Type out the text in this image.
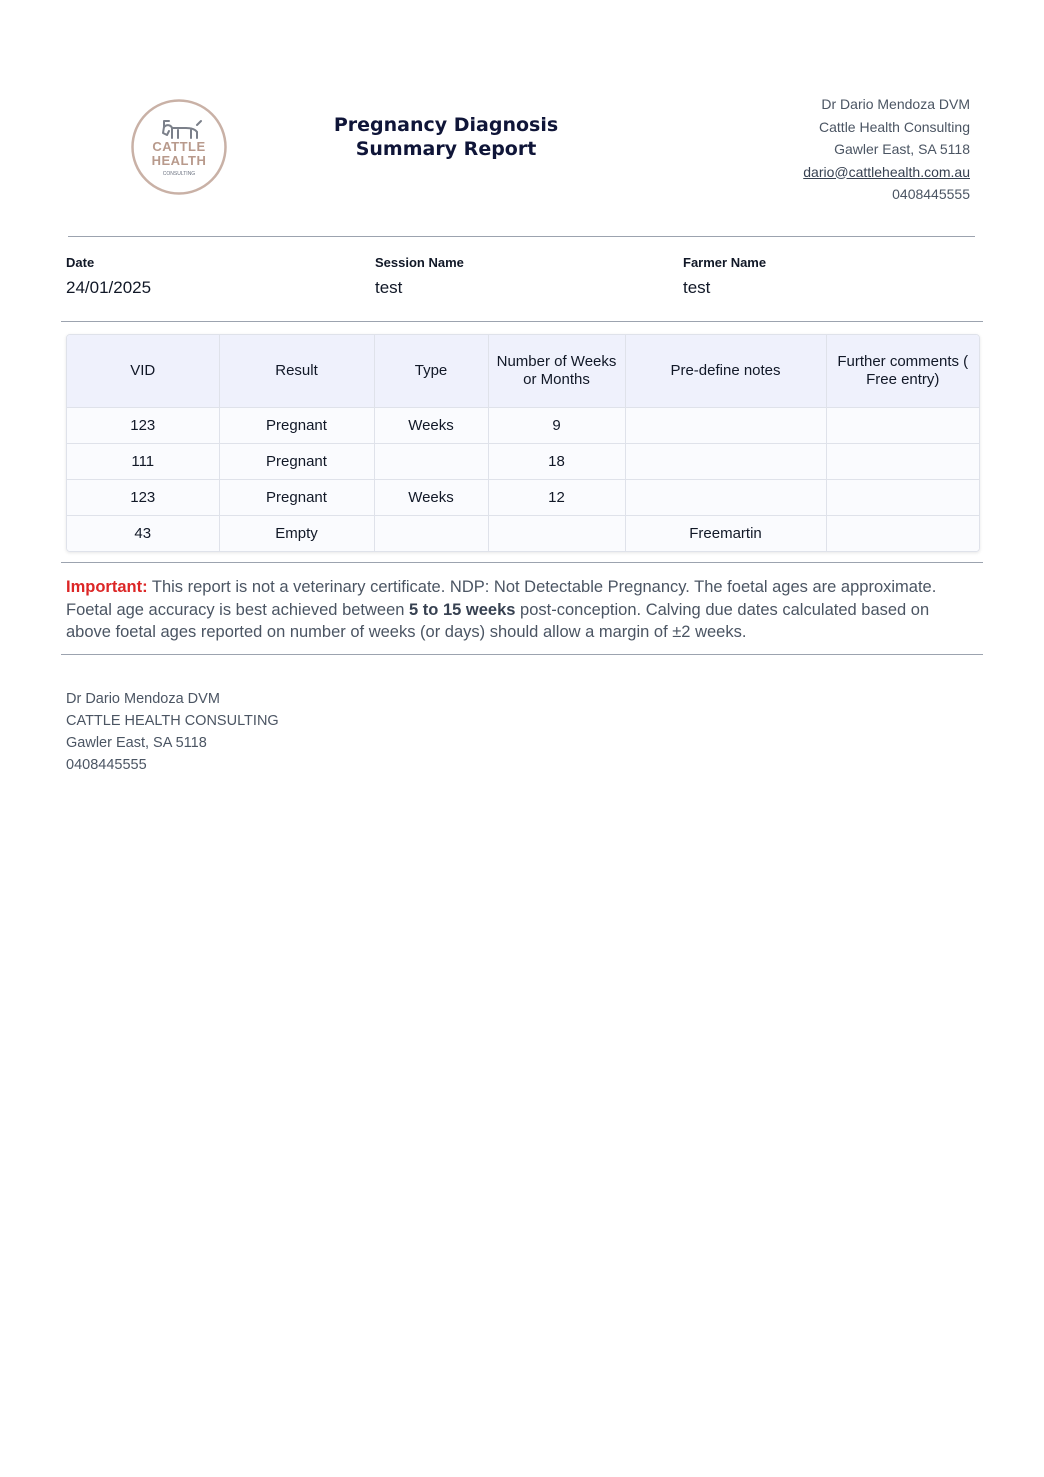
CATTLE
HEALTH
CONSULTING
Pregnancy Diagnosis
Summary Report
Dr Dario Mendoza DVM
Cattle Health Consulting
Gawler East, SA 5118
dario@cattlehealth.com.au
0408445555
Date
24/01/2025
Session Name
test
Farmer Name
test
VID	Result	Type	Number of Weeks or Months	Pre-define notes	Further comments ( Free entry)
123	Pregnant	Weeks	9		
111	Pregnant		18		
123	Pregnant	Weeks	12		
43	Empty			Freemartin	
Important: This report is not a veterinary certificate. NDP: Not Detectable Pregnancy. The foetal ages are approximate. Foetal age accuracy is best achieved between 5 to 15 weeks post-conception. Calving due dates calculated based on above foetal ages reported on number of weeks (or days) should allow a margin of ±2 weeks.
Dr Dario Mendoza DVM
CATTLE HEALTH CONSULTING
Gawler East, SA 5118
0408445555
